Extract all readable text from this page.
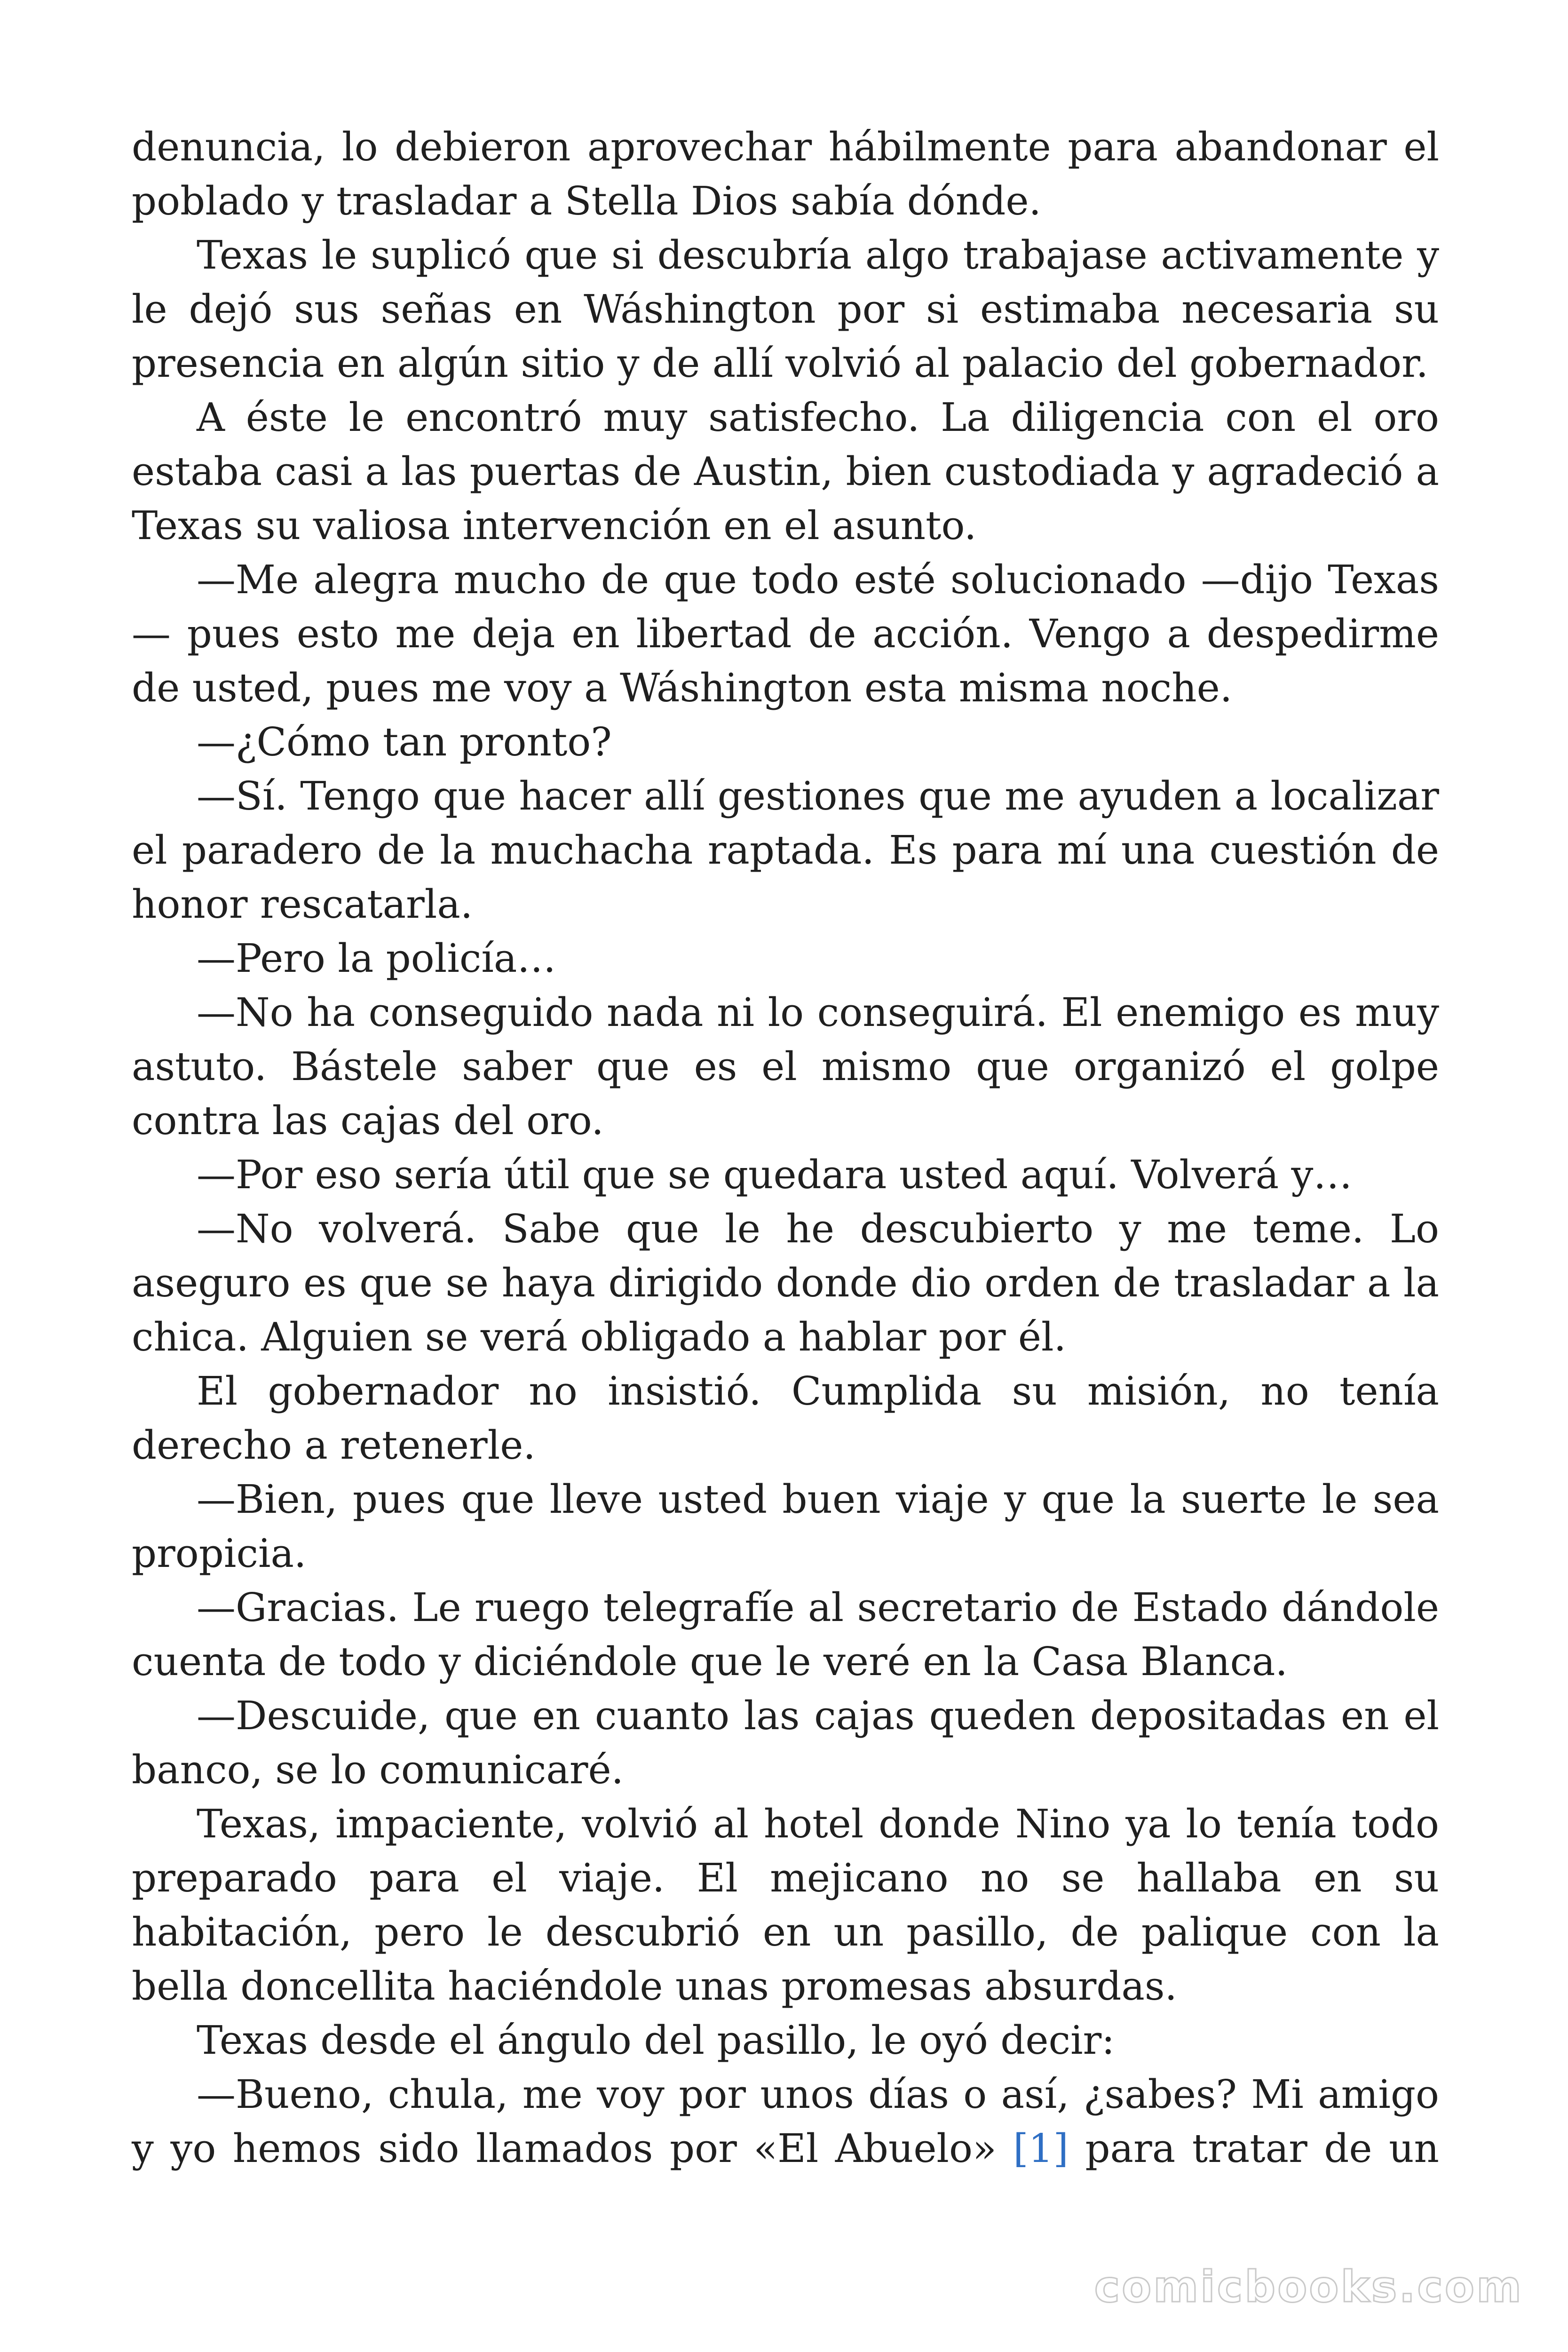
denuncia, lo debieron aprovechar hábilmente para abandonar el poblado y trasladar a Stella Dios sabía dónde.

Texas le suplicó que si descubría algo trabajase activamente y le dejó sus señas en Wáshington por si estimaba necesaria su presencia en algún sitio y de allí volvió al palacio del gobernador.

A éste le encontró muy satisfecho. La diligencia con el oro estaba casi a las puertas de Austin, bien custodiada y agradeció a Texas su valiosa intervención en el asunto.

—Me alegra mucho de que todo esté solucionado —dijo Texas— pues esto me deja en libertad de acción. Vengo a despedirme de usted, pues me voy a Wáshington esta misma noche.

—¿Cómo tan pronto?

—Sí. Tengo que hacer allí gestiones que me ayuden a localizar el paradero de la muchacha raptada. Es para mí una cuestión de honor rescatarla.

—Pero la policía…

—No ha conseguido nada ni lo conseguirá. El enemigo es muy astuto. Bástele saber que es el mismo que organizó el golpe contra las cajas del oro.

—Por eso sería útil que se quedara usted aquí. Volverá y…

—No volverá. Sabe que le he descubierto y me teme. Lo aseguro es que se haya dirigido donde dio orden de trasladar a la chica. Alguien se verá obligado a hablar por él.

El gobernador no insistió. Cumplida su misión, no tenía derecho a retenerle.

—Bien, pues que lleve usted buen viaje y que la suerte le sea propicia.

—Gracias. Le ruego telegrafíe al secretario de Estado dándole cuenta de todo y diciéndole que le veré en la Casa Blanca.

—Descuide, que en cuanto las cajas queden depositadas en el banco, se lo comunicaré.

Texas, impaciente, volvió al hotel donde Nino ya lo tenía todo preparado para el viaje. El mejicano no se hallaba en su habitación, pero le descubrió en un pasillo, de palique con la bella doncellita haciéndole unas promesas absurdas.

Texas desde el ángulo del pasillo, le oyó decir:

—Bueno, chula, me voy por unos días o así, ¿sabes? Mi amigo y yo hemos sido llamados por «El Abuelo» [1] para tratar de un

comicbooks.com
